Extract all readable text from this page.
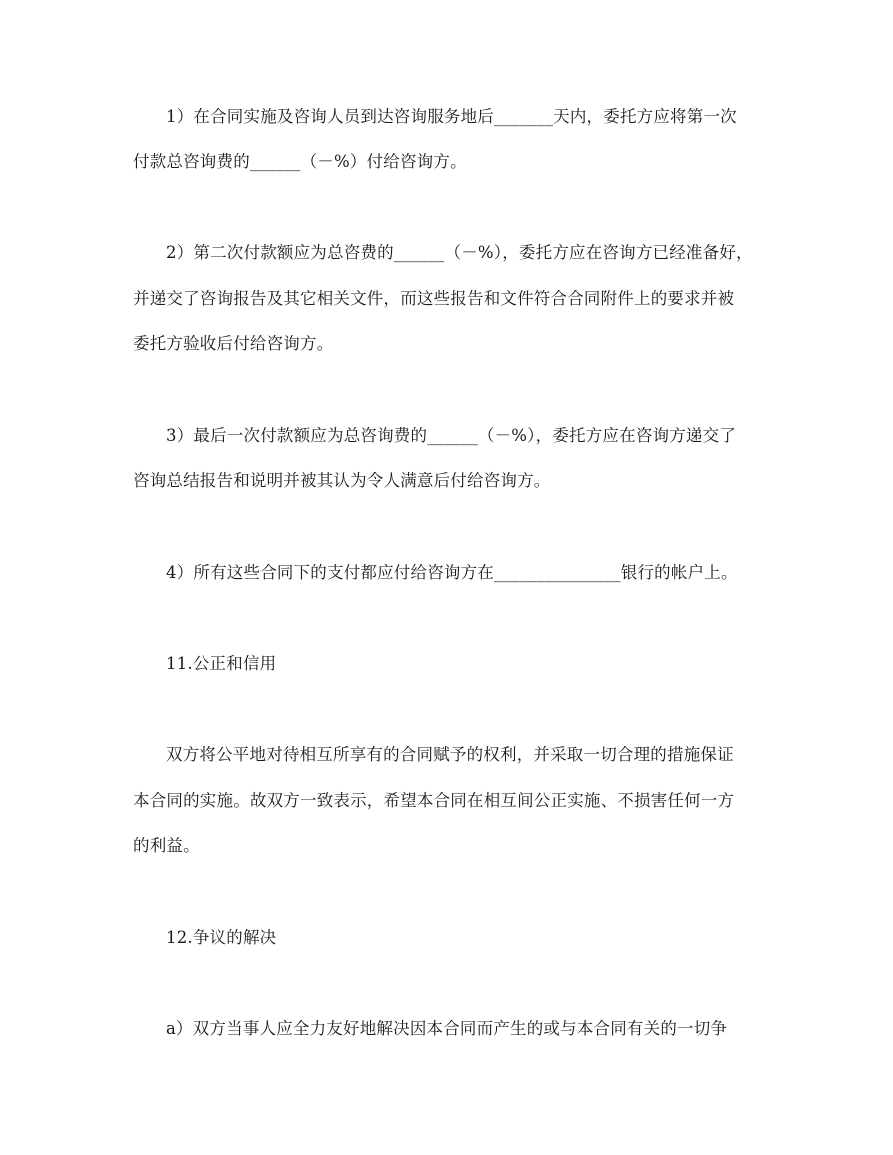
1）在合同实施及咨询人员到达咨询服务地后_______天内，委托方应将第一次
付款总咨询费的______（－%）付给咨询方。
2）第二次付款额应为总咨费的______（－%），委托方应在咨询方已经准备好，
并递交了咨询报告及其它相关文件，而这些报告和文件符合合同附件上的要求并被
委托方验收后付给咨询方。
3）最后一次付款额应为总咨询费的______（－%），委托方应在咨询方递交了
咨询总结报告和说明并被其认为令人满意后付给咨询方。
4）所有这些合同下的支付都应付给咨询方在_______________银行的帐户上。
11.公正和信用
双方将公平地对待相互所享有的合同赋予的权利，并采取一切合理的措施保证
本合同的实施。故双方一致表示，希望本合同在相互间公正实施、不损害任何一方
的利益。
12.争议的解决
a）双方当事人应全力友好地解决因本合同而产生的或与本合同有关的一切争
